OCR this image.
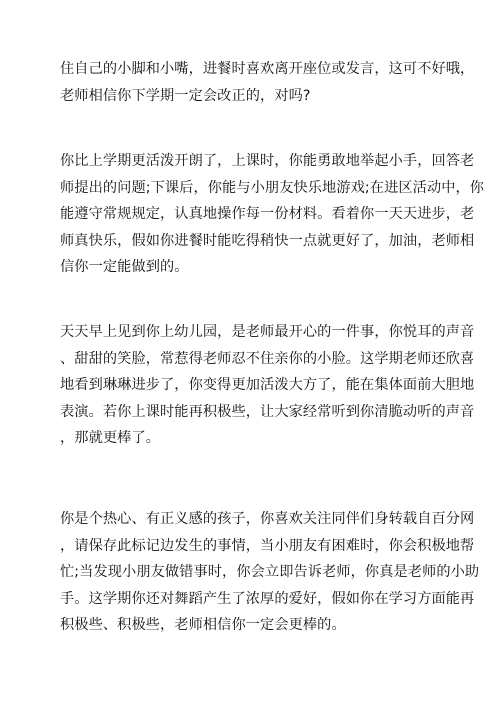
住自己的小脚和小嘴，进餐时喜欢离开座位或发言，这可不好哦，
老师相信你下学期一定会改正的，对吗?
你比上学期更活泼开朗了，上课时，你能勇敢地举起小手，回答老
师提出的问题;下课后，你能与小朋友快乐地游戏;在进区活动中，你
能遵守常规规定，认真地操作每一份材料。看着你一天天进步，老
师真快乐，假如你进餐时能吃得稍快一点就更好了，加油，老师相
信你一定能做到的。
天天早上见到你上幼儿园，是老师最开心的一件事，你悦耳的声音
、甜甜的笑脸，常惹得老师忍不住亲你的小脸。这学期老师还欣喜
地看到琳琳进步了，你变得更加活泼大方了，能在集体面前大胆地
表演。若你上课时能再积极些，让大家经常听到你清脆动听的声音
，那就更棒了。
你是个热心、有正义感的孩子，你喜欢关注同伴们身转载自百分网
，请保存此标记边发生的事情，当小朋友有困难时，你会积极地帮
忙;当发现小朋友做错事时，你会立即告诉老师，你真是老师的小助
手。这学期你还对舞蹈产生了浓厚的爱好，假如你在学习方面能再
积极些、积极些，老师相信你一定会更棒的。
